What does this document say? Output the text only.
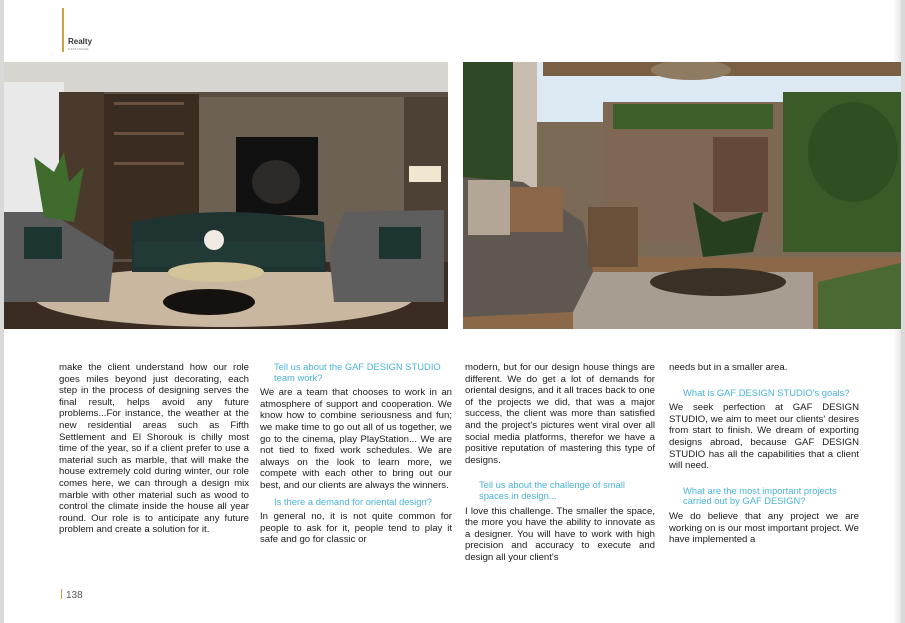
Realty
CATALOGUE

make the client understand how our role goes miles beyond just decorating, each step in the process of designing serves the final result, helps avoid any future problems...For instance, the weather at the new residential areas such as Fifth Settlement and El Shorouk is chilly most time of the year, so if a client prefer to use a material such as marble, that will make the house extremely cold during winter, our role comes here, we can through a design mix marble with other material such as wood to control the climate inside the house all year round. Our role is to anticipate any future problem and create a solution for it.

Tell us about the GAF DESIGN STUDIO team work?

We are a team that chooses to work in an atmosphere of support and cooperation. We know how to combine seriousness and fun; we make time to go out all of us together, we go to the cinema, play PlayStation... We are not tied to fixed work schedules. We are always on the look to learn more, we compete with each other to bring out our best, and our clients are always the winners.

Is there a demand for oriental design?

In general no, it is not quite common for people to ask for it, people tend to play it safe and go for classic or

modern, but for our design house things are different. We do get a lot of demands for oriental designs, and it all traces back to one of the projects we did, that was a major success, the client was more than satisfied and the project's pictures went viral over all social media platforms, therefor we have a positive reputation of mastering this type of designs.

Tell us about the challenge of small spaces in design...

I love this challenge. The smaller the space, the more you have the ability to innovate as a designer. You will have to work with high precision and accuracy to execute and design all your client's

needs but in a smaller area.

What is GAF DESIGN STUDIO's goals?

We seek perfection at GAF DESIGN STUDIO, we aim to meet our clients' desires from start to finish. We dream of exporting designs abroad, because GAF DESIGN STUDIO has all the capabilities that a client will need.

What are the most important projects carried out by GAF DESIGN?

We do believe that any project we are working on is our most important project. We have implemented a

138
